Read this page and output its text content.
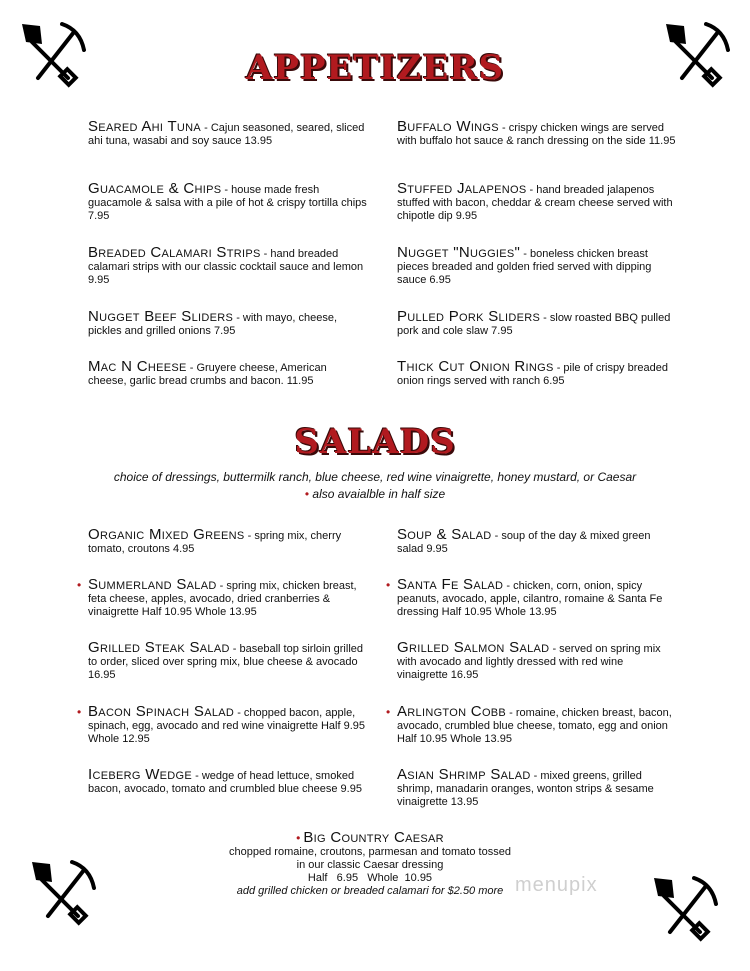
APPETIZERS
SALADS
Seared Ahi Tuna - Cajun seasoned, seared, sliced ahi tuna, wasabi and soy sauce 13.95
Guacamole & Chips - house made fresh guacamole & salsa with a pile of hot & crispy tortilla chips 7.95
Breaded Calamari Strips - hand breaded calamari strips with our classic cocktail sauce and lemon 9.95
Nugget Beef Sliders - with mayo, cheese, pickles and grilled onions 7.95
Mac N Cheese - Gruyere cheese, American cheese, garlic bread crumbs and bacon. 11.95
Buffalo Wings - crispy chicken wings are served with buffalo hot sauce & ranch dressing on the side 11.95
Stuffed Jalapenos - hand breaded jalapenos stuffed with bacon, cheddar & cream cheese served with chipotle dip 9.95
Nugget "Nuggies" - boneless chicken breast pieces breaded and golden fried served with dipping sauce 6.95
Pulled Pork Sliders - slow roasted BBQ pulled pork and cole slaw 7.95
Thick Cut Onion Rings - pile of crispy breaded onion rings served with ranch 6.95
choice of dressings, buttermilk ranch, blue cheese, red wine vinaigrette, honey mustard, or Caesar
• also avaialble in half size
Organic Mixed Greens - spring mix, cherry tomato, croutons 4.95
• Summerland Salad - spring mix, chicken breast, feta cheese, apples, avocado, dried cranberries & vinaigrette Half 10.95 Whole 13.95
Grilled Steak Salad - baseball top sirloin grilled to order, sliced over spring mix, blue cheese & avocado 16.95
• Bacon Spinach Salad - chopped bacon, apple, spinach, egg, avocado and red wine vinaigrette Half 9.95 Whole 12.95
Iceberg Wedge - wedge of head lettuce, smoked bacon, avocado, tomato and crumbled blue cheese 9.95
Soup & Salad - soup of the day & mixed green salad 9.95
• Santa Fe Salad - chicken, corn, onion, spicy peanuts, avocado, apple, cilantro, romaine & Santa Fe dressing Half 10.95 Whole 13.95
Grilled Salmon Salad - served on spring mix with avocado and lightly dressed with red wine vinaigrette 16.95
• Arlington Cobb - romaine, chicken breast, bacon, avocado, crumbled blue cheese, tomato, egg and onion Half 10.95 Whole 13.95
Asian Shrimp Salad - mixed greens, grilled shrimp, manadarin oranges, wonton strips & sesame vinaigrette 13.95
• Big Country Caesar
chopped romaine, croutons, parmesan and tomato tossed
in our classic Caesar dressing
Half   6.95   Whole  10.95
add grilled chicken or breaded calamari for $2.50 more menupix
